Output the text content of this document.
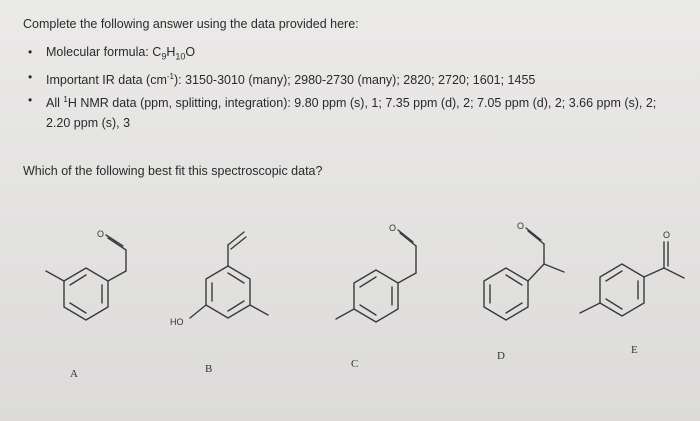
Complete the following answer using the data provided here:
• Molecular formula: $C_9H_{10}O$
• Important IR data $(cm^{-1})$: 3150-3010 (many); 2980-2730 (many); 2820; 2720; 1601; 1455
• All $^1$H NMR data (ppm, splitting, integration): 9.80 ppm (s), 1; 7.35 ppm (d), 2; 7.05 ppm (d), 2; 3.66 ppm (s), 2;
2.20 ppm (s), 3
Which of the following best fit this spectroscopic data?
O
HO
O	O
O
A	B	C
D	E
